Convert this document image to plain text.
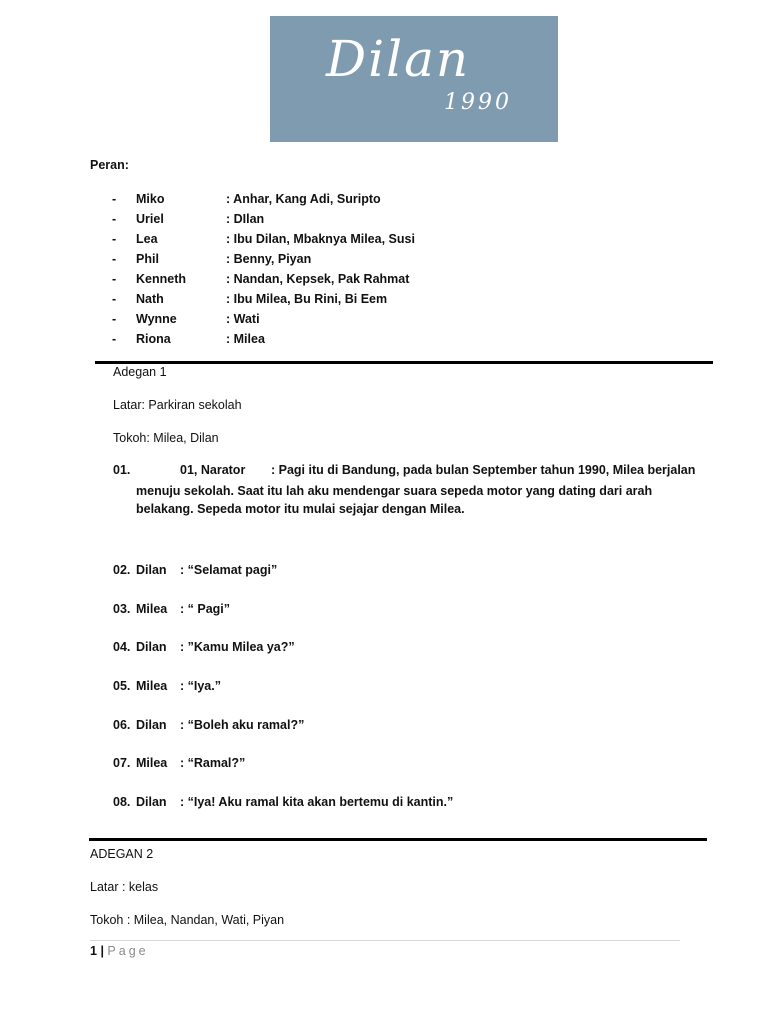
Dilan
1990
Peran:
- Miko	: Anhar, Kang Adi, Suripto
- Uriel	: DIlan
- Lea	: Ibu Dilan, Mbaknya Milea, Susi
- Phil	: Benny, Piyan
- Kenneth	: Nandan, Kepsek, Pak Rahmat
- Nath	: Ibu Milea, Bu Rini, Bi Eem
- Wynne	: Wati
- Riona	: Milea
Adegan 1
Latar: Parkiran sekolah
Tokoh: Milea, Dilan
01.	01, Narator : Pagi itu di Bandung, pada bulan September tahun 1990, Milea berjalan
menuju sekolah. Saat itu lah aku mendengar suara sepeda motor yang dating dari arah belakang. Sepeda motor itu mulai sejajar dengan Milea.
02. Dilan : “Selamat pagi”
03. Milea : “ Pagi”
04. Dilan : ”Kamu Milea ya?”
05. Milea : “Iya.”
06. Dilan : “Boleh aku ramal?”
07. Milea : “Ramal?”
08. Dilan : “Iya! Aku ramal kita akan bertemu di kantin.”
ADEGAN 2
Latar : kelas
Tokoh : Milea, Nandan, Wati, Piyan
1 | Page
